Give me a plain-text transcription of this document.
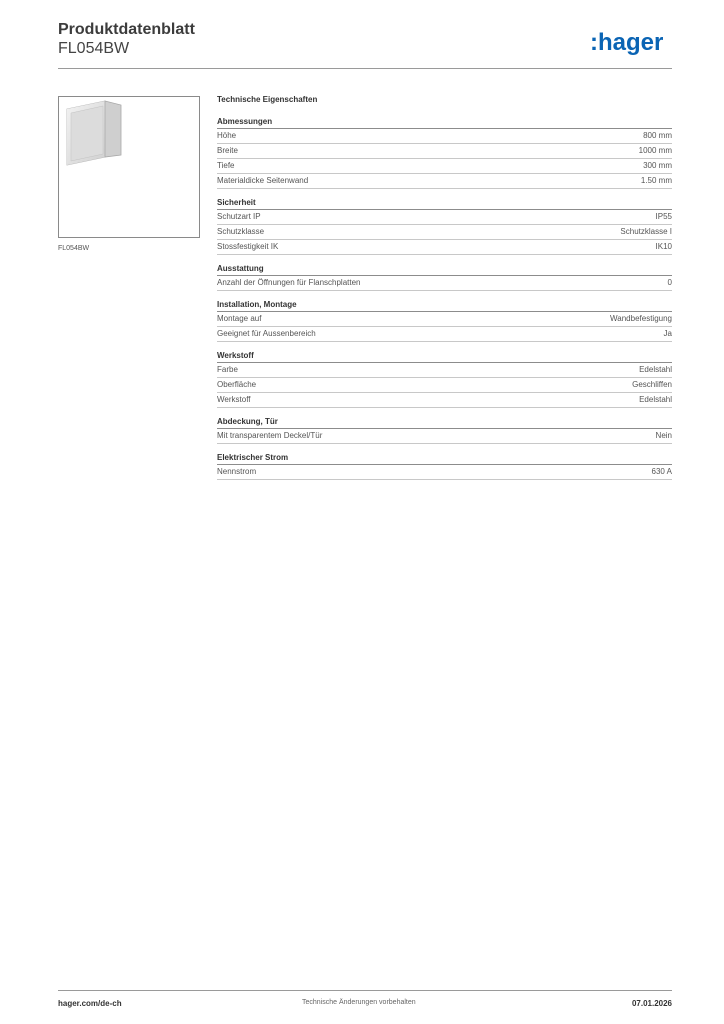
Produktdatenblatt
FL054BW	:hager
FL054BW
Technische Eigenschaften
Abmessungen
Höhe	800 mm
Breite	1000 mm
Tiefe	300 mm
Materialdicke Seitenwand	1.50 mm
Sicherheit
Schutzart IP	IP55
Schutzklasse	Schutzklasse I
Stossfestigkeit IK	IK10
Ausstattung
Anzahl der Öffnungen für Flanschplatten	0
Installation, Montage
Montage auf	Wandbefestigung
Geeignet für Aussenbereich	Ja
Werkstoff
Farbe	Edelstahl
Oberfläche	Geschliffen
Werkstoff	Edelstahl
Abdeckung, Tür
Mit transparentem Deckel/Tür	Nein
Elektrischer Strom
Nennstrom	630 A
hager.com/de-ch	Technische Änderungen vorbehalten	07.01.2026
